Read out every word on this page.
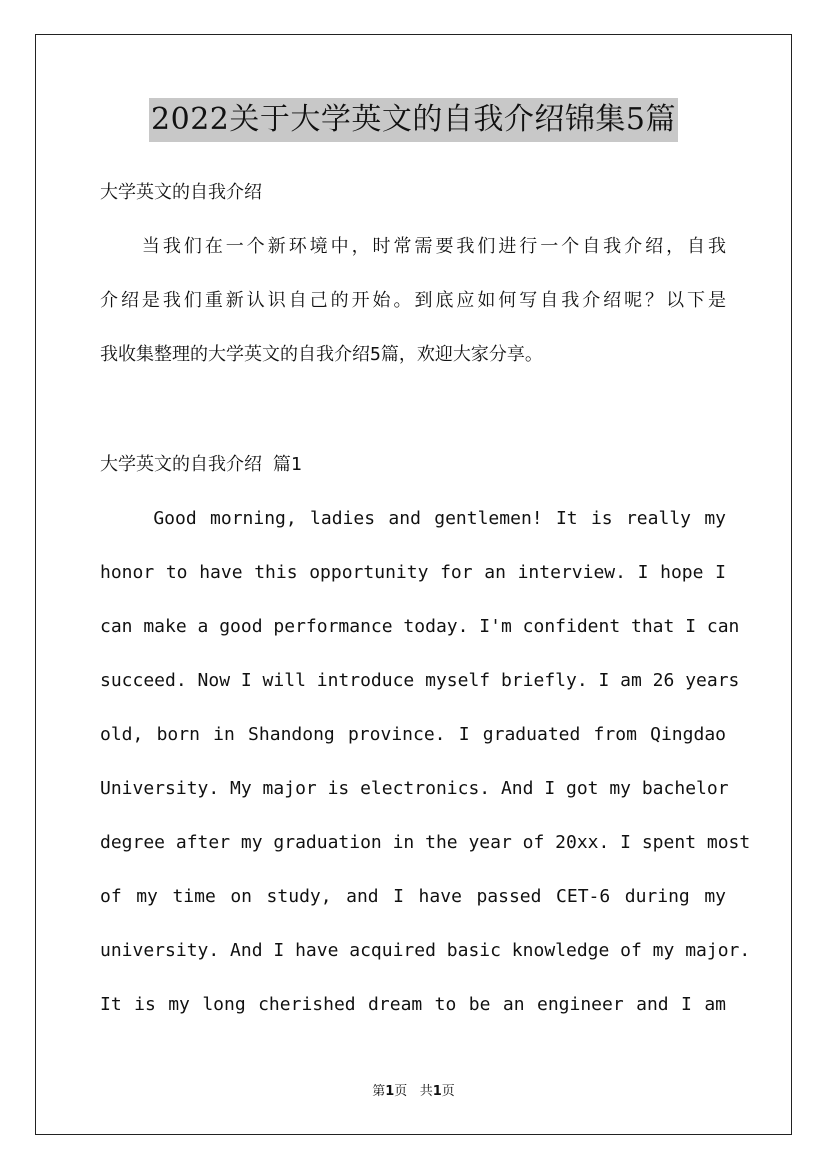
2022关于大学英文的自我介绍锦集5篇
大学英文的自我介绍
　　当我们在一个新环境中，时常需要我们进行一个自我介绍，自我
介绍是我们重新认识自己的开始。到底应如何写自我介绍呢？以下是
我收集整理的大学英文的自我介绍5篇，欢迎大家分享。
大学英文的自我介绍 篇1
Good morning, ladies and gentlemen! It is really my
honor to have this opportunity for an interview. I hope I
can make a good performance today. I'm confident that I can
succeed. Now I will introduce myself briefly. I am 26 years
old, born in Shandong province. I graduated from Qingdao
University. My major is electronics. And I got my bachelor
degree after my graduation in the year of 20xx. I spent most
of my time on study, and I have passed CET-6 during my
university. And I have acquired basic knowledge of my major.
It is my long cherished dream to be an engineer and I am
第1页 共1页
